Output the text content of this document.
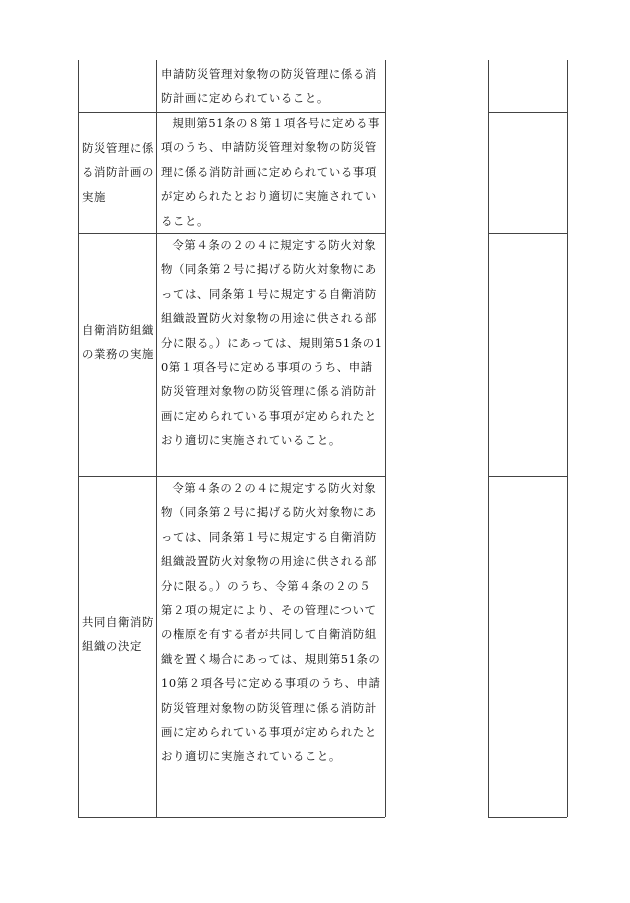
申請防災管理対象物の防災管理に係る消防計画に定められていること。
防災管理に係る消防計画の実施
規則第51条の８第１項各号に定める事項のうち、申請防災管理対象物の防災管理に係る消防計画に定められている事項が定められたとおり適切に実施されていること。
自衛消防組織の業務の実施
令第４条の２の４に規定する防火対象物（同条第２号に掲げる防火対象物にあっては、同条第１号に規定する自衛消防組織設置防火対象物の用途に供される部分に限る。）にあっては、規則第51条の10第１項各号に定める事項のうち、申請防災管理対象物の防災管理に係る消防計画に定められている事項が定められたとおり適切に実施されていること。
共同自衛消防組織の決定
令第４条の２の４に規定する防火対象物（同条第２号に掲げる防火対象物にあっては、同条第１号に規定する自衛消防組織設置防火対象物の用途に供される部分に限る。）のうち、令第４条の２の５第２項の規定により、その管理についての権原を有する者が共同して自衛消防組織を置く場合にあっては、規則第51条の10第２項各号に定める事項のうち、申請防災管理対象物の防災管理に係る消防計画に定められている事項が定められたとおり適切に実施されていること。
